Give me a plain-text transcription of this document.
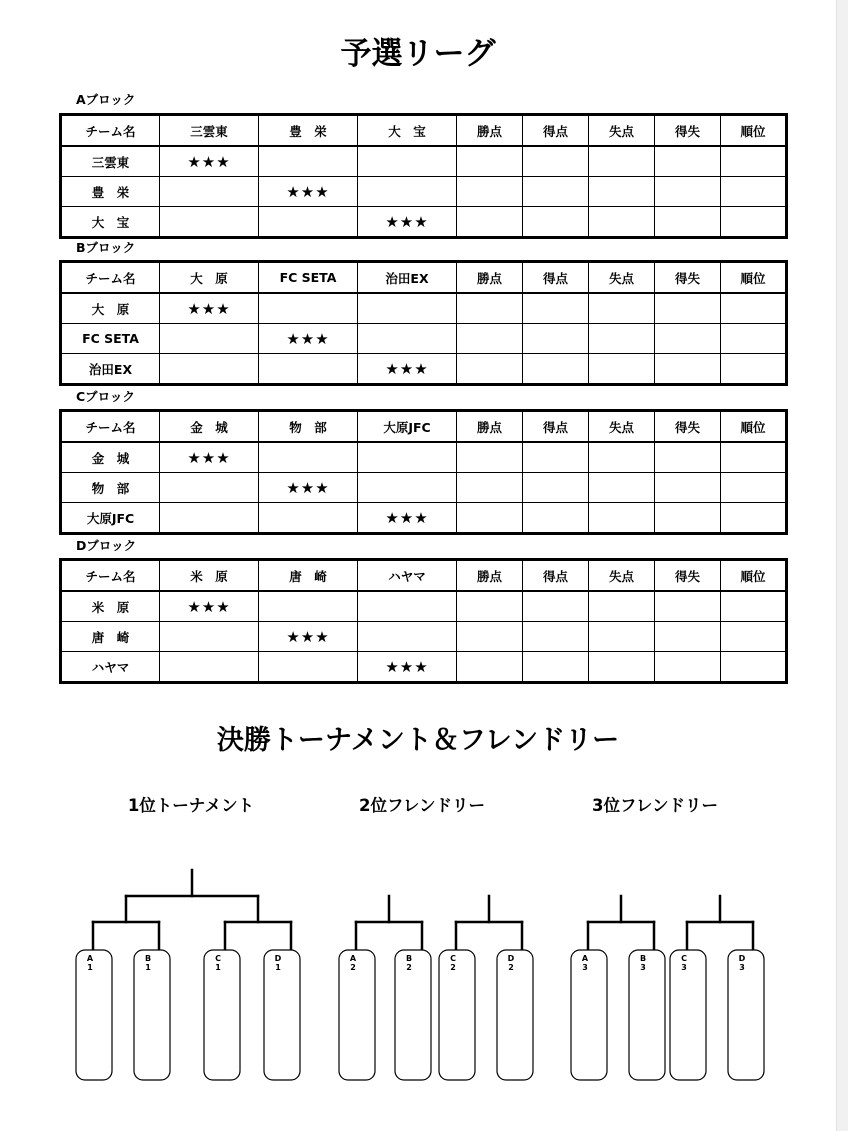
予選リーグ
Aブロック
チーム名	三雲東	豊　栄	大　宝	勝点	得点	失点	得失	順位
三雲東	★★★							
豊　栄		★★★						
大　宝			★★★					
Bブロック
チーム名	大　原	FC SETA	治田EX	勝点	得点	失点	得失	順位
大　原	★★★							
FC SETA		★★★						
治田EX			★★★					
Cブロック
チーム名	金　城	物　部	大原JFC	勝点	得点	失点	得失	順位
金　城	★★★							
物　部		★★★						
大原JFC			★★★					
Dブロック
チーム名	米　原	唐　崎	ハヤマ	勝点	得点	失点	得失	順位
米　原	★★★							
唐　崎		★★★						
ハヤマ			★★★					
決勝トーナメント＆フレンドリー
1位トーナメント	2位フレンドリー	3位フレンドリー
A
1
B
1
C
1
D
1
A
2
B
2
C
2
D
2
A
3
B
3
C
3
D
3
